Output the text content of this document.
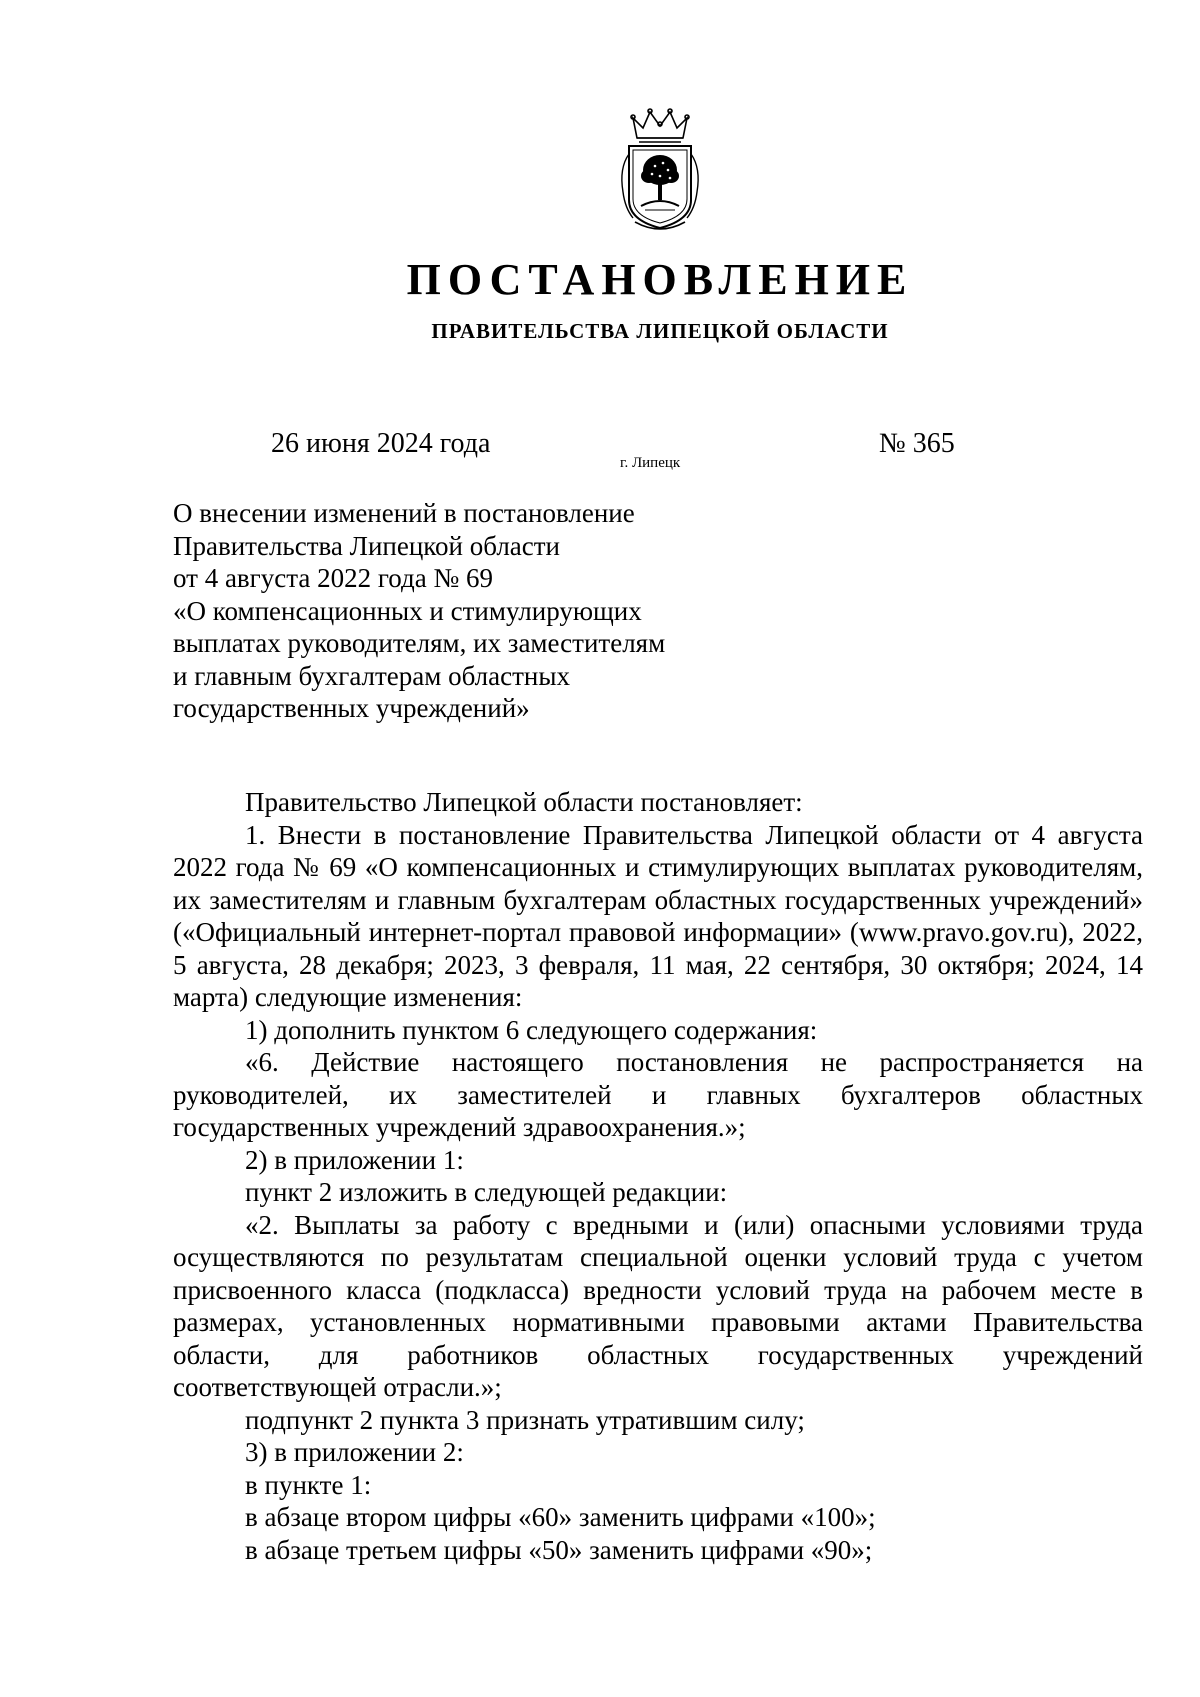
ПОСТАНОВЛЕНИЕ
ПРАВИТЕЛЬСТВА ЛИПЕЦКОЙ ОБЛАСТИ
26 июня 2024 года
г. Липецк
№ 365
О внесении изменений в постановление
Правительства Липецкой области
от 4 августа 2022 года № 69
«О компенсационных и стимулирующих
выплатах руководителям, их заместителям
и главным бухгалтерам областных
государственных учреждений»

Правительство Липецкой области постановляет:

1. Внести в постановление Правительства Липецкой области от 4 августа 2022 года № 69 «О компенсационных и стимулирующих выплатах руководителям, их заместителям и главным бухгалтерам областных государственных учреждений» («Официальный интернет-портал правовой информации» (www.pravo.gov.ru), 2022, 5 августа, 28 декабря; 2023, 3 февраля, 11 мая, 22 сентября, 30 октября; 2024, 14 марта) следующие изменения:

1) дополнить пунктом 6 следующего содержания:

«6. Действие настоящего постановления не распространяется на руководителей, их заместителей и главных бухгалтеров областных государственных учреждений здравоохранения.»;

2) в приложении 1:

пункт 2 изложить в следующей редакции:

«2. Выплаты за работу с вредными и (или) опасными условиями труда осуществляются по результатам специальной оценки условий труда с учетом присвоенного класса (подкласса) вредности условий труда на рабочем месте в размерах, установленных нормативными правовыми актами Правительства области, для работников областных государственных учреждений соответствующей отрасли.»;

подпункт 2 пункта 3 признать утратившим силу;

3) в приложении 2:

в пункте 1:

в абзаце втором цифры «60» заменить цифрами «100»;

в абзаце третьем цифры «50» заменить цифрами «90»;
